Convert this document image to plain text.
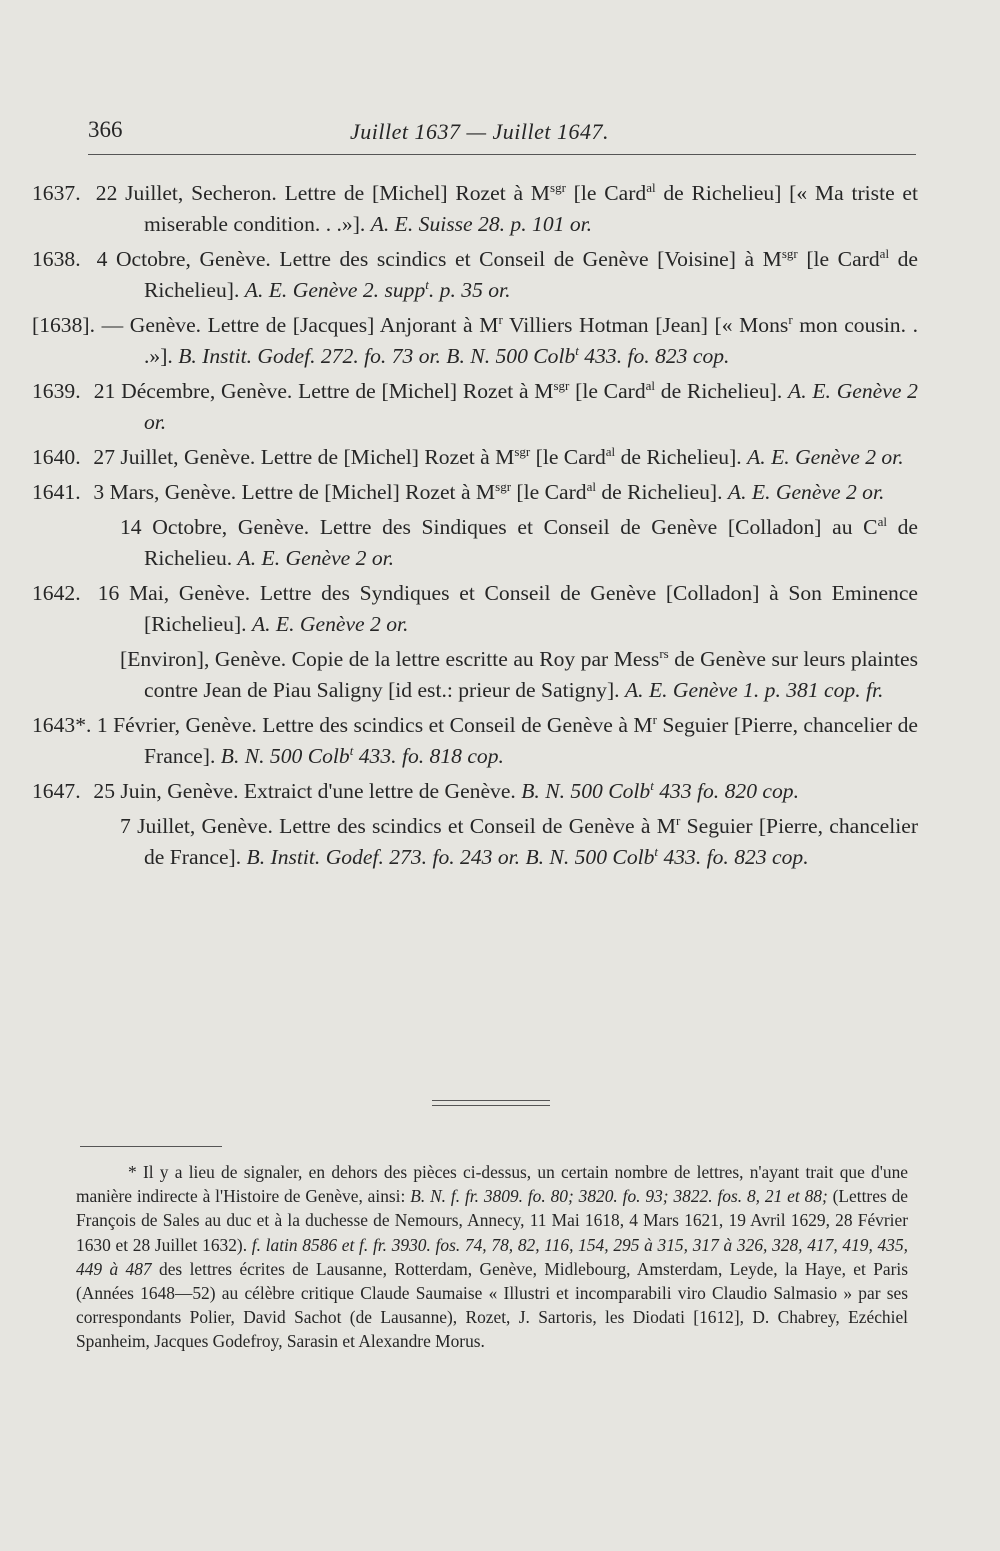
366	Juillet 1637 — Juillet 1647.
1637. 22 Juillet, Secheron. Lettre de [Michel] Rozet à $M^{sgr}$ [le Card$^{al}$ de Richelieu] [« Ma triste et miserable condition. . .»]. A. E. Suisse 28. p. 101 or.
1638. 4 Octobre, Genève. Lettre des scindics et Conseil de Genève [Voisine] à $M^{sgr}$ [le Card$^{al}$ de Richelieu]. A. E. Genève 2. supp$^t$. p. 35 or.
[1638]. — Genève. Lettre de [Jacques] Anjorant à $M^r$ Villiers Hotman [Jean] [« Mons$^r$ mon cousin. . .»]. B. Instit. Godef. 272. fo. 73 or. B. N. 500 Colb$^t$ 433. fo. 823 cop.
1639. 21 Décembre, Genève. Lettre de [Michel] Rozet à $M^{sgr}$ [le Card$^{al}$ de Richelieu]. A. E. Genève 2 or.
1640. 27 Juillet, Genève. Lettre de [Michel] Rozet à $M^{sgr}$ [le Card$^{al}$ de Richelieu]. A. E. Genève 2 or.
1641. 3 Mars, Genève. Lettre de [Michel] Rozet à $M^{sgr}$ [le Card$^{al}$ de Richelieu]. A. E. Genève 2 or.
14 Octobre, Genève. Lettre des Sindiques et Conseil de Genève [Colladon] au $C^{al}$ de Richelieu. A. E. Genève 2 or.
1642. 16 Mai, Genève. Lettre des Syndiques et Conseil de Genève [Colladon] à Son Eminence [Richelieu]. A. E. Genève 2 or.
[Environ], Genève. Copie de la lettre escritte au Roy par Mess$^{rs}$ de Genève sur leurs plaintes contre Jean de Piau Saligny [id est.: prieur de Satigny]. A. E. Genève 1. p. 381 cop. fr.
1643*. 1 Février, Genève. Lettre des scindics et Conseil de Genève à $M^r$ Seguier [Pierre, chancelier de France]. B. N. 500 Colb$^t$ 433. fo. 818 cop.
1647. 25 Juin, Genève. Extraict d'une lettre de Genève. B. N. 500 Colb$^t$ 433 fo. 820 cop.
7 Juillet, Genève. Lettre des scindics et Conseil de Genève à $M^r$ Seguier [Pierre, chancelier de France]. B. Instit. Godef. 273. fo. 243 or. B. N. 500 Colb$^t$ 433. fo. 823 cop.
* Il y a lieu de signaler, en dehors des pièces ci-dessus, un certain nombre de lettres, n'ayant trait que d'une manière indirecte à l'Histoire de Genève, ainsi: B. N. f. fr. 3809. fo. 80; 3820. fo. 93; 3822. fos. 8, 21 et 88; (Lettres de François de Sales au duc et à la duchesse de Nemours, Annecy, 11 Mai 1618, 4 Mars 1621, 19 Avril 1629, 28 Février 1630 et 28 Juillet 1632). f. latin 8586 et f. fr. 3930. fos. 74, 78, 82, 116, 154, 295 à 315, 317 à 326, 328, 417, 419, 435, 449 à 487 des lettres écrites de Lausanne, Rotterdam, Genève, Midlebourg, Amsterdam, Leyde, la Haye, et Paris (Années 1648—52) au célèbre critique Claude Saumaise « Illustri et incomparabili viro Claudio Salmasio » par ses correspondants Polier, David Sachot (de Lausanne), Rozet, J. Sartoris, les Diodati [1612], D. Chabrey, Ezéchiel Spanheim, Jacques Godefroy, Sarasin et Alexandre Morus.
